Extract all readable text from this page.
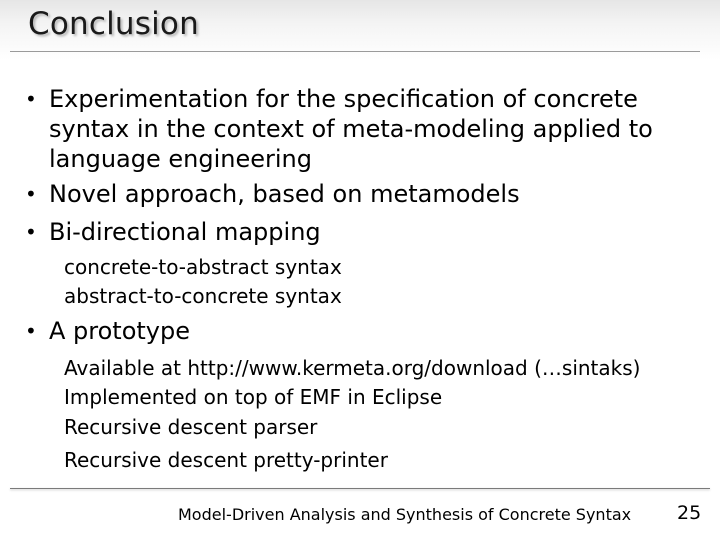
Conclusion
• Experimentation for the specification of concrete
syntax in the context of meta-modeling applied to
language engineering
• Novel approach, based on metamodels
• Bi-directional mapping
concrete-to-abstract syntax
abstract-to-concrete syntax
• A prototype
Available at http://www.kermeta.org/download (…sintaks)
Implemented on top of EMF in Eclipse
Recursive descent parser
Recursive descent pretty-printer
Model-Driven Analysis and Synthesis of Concrete Syntax 25
